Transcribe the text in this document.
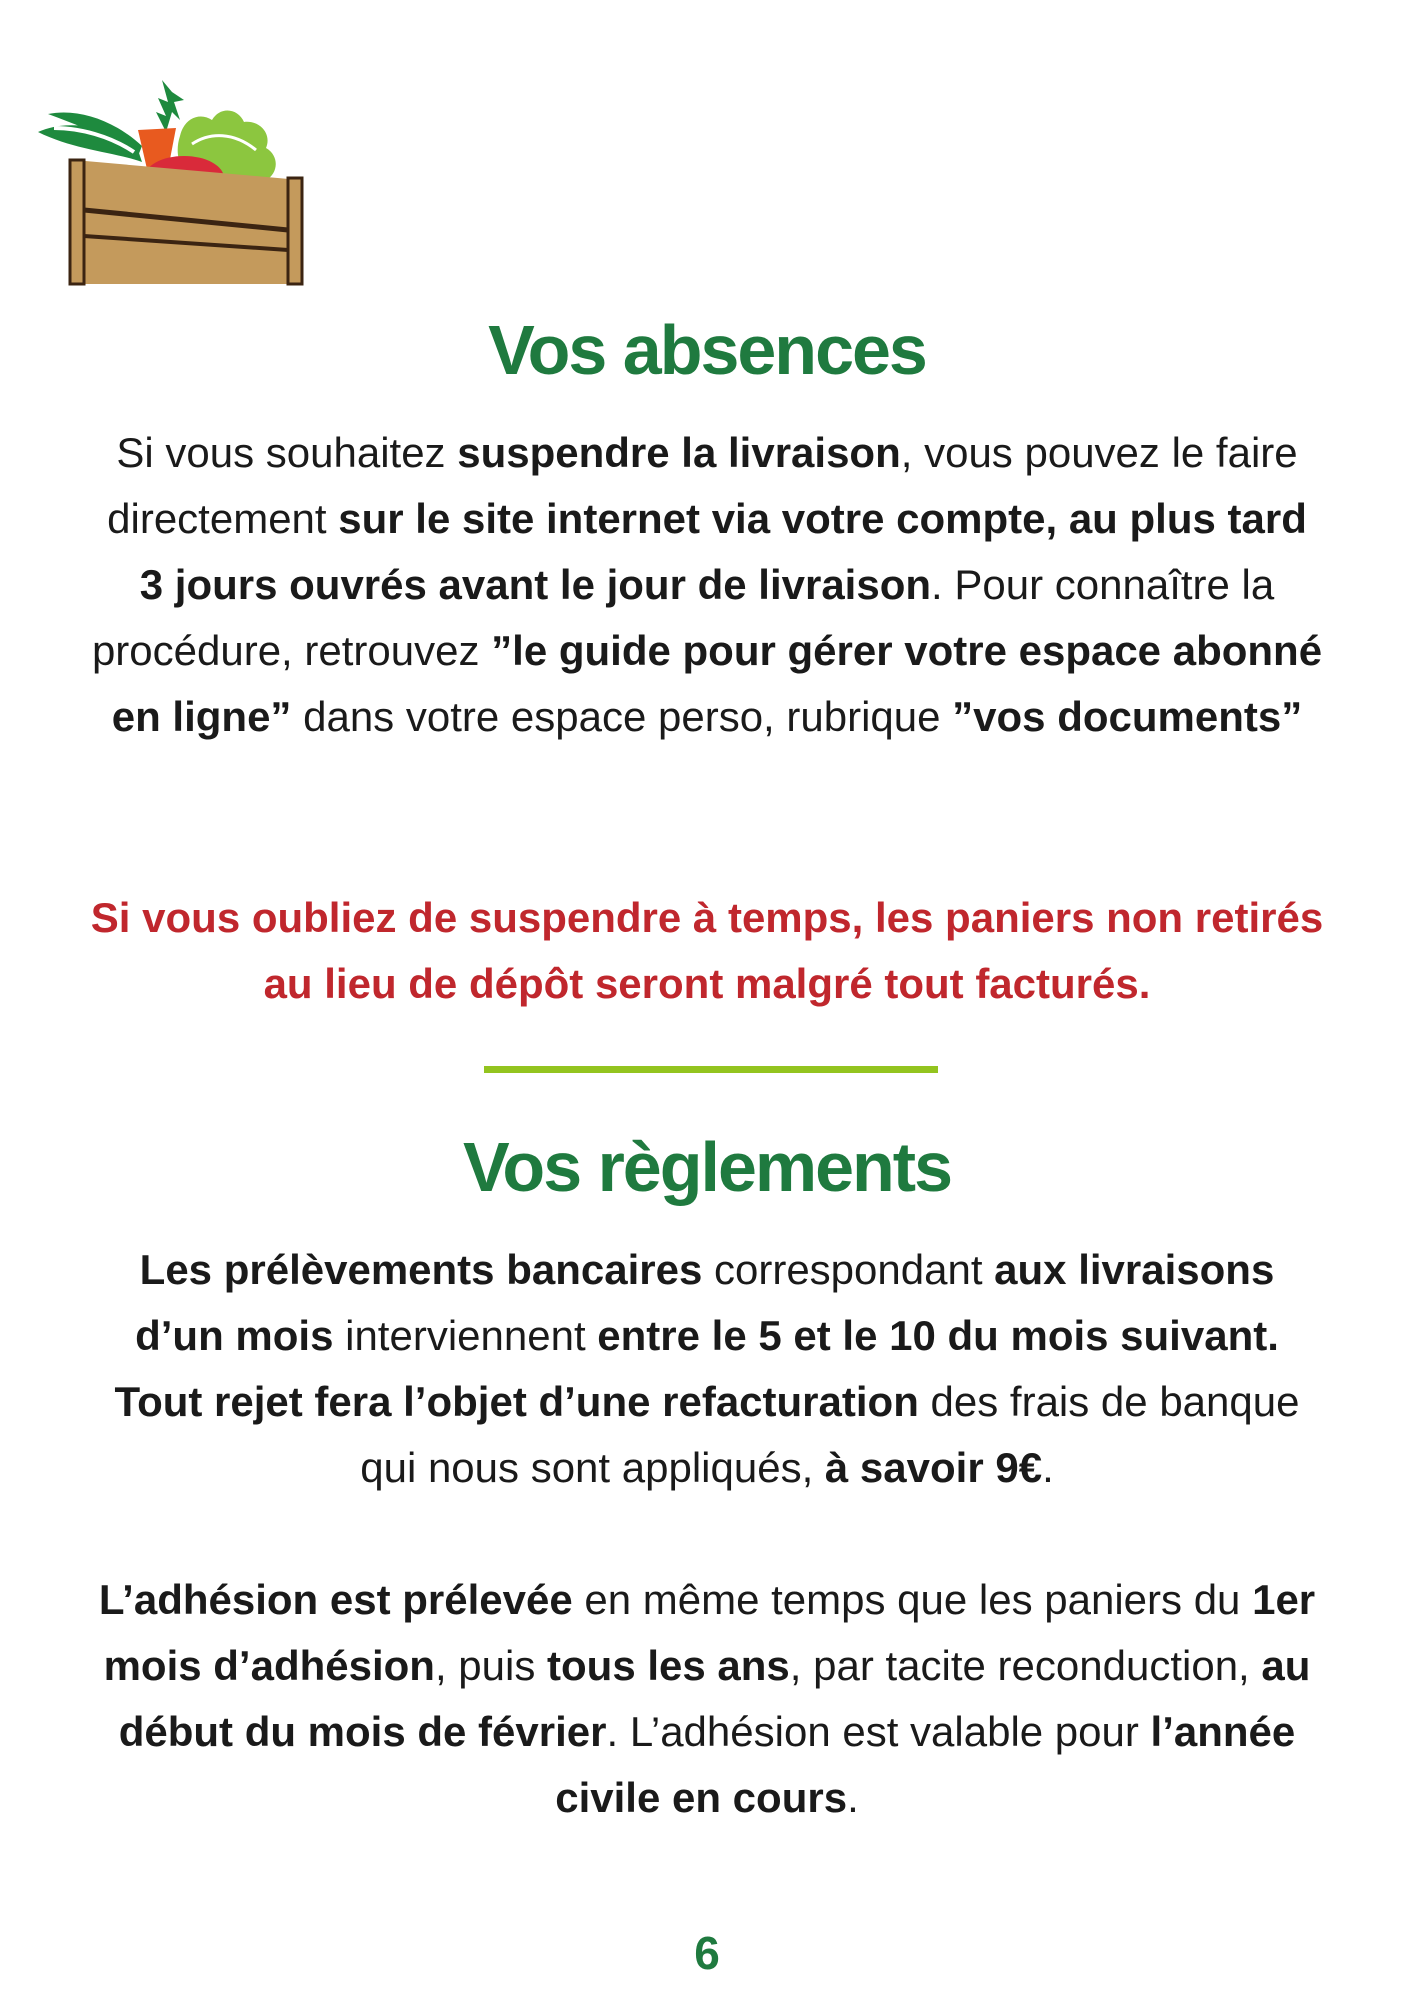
Vos absences
Si vous souhaitez suspendre la livraison, vous pouvez le faire directement sur le site internet via votre compte, au plus tard 3 jours ouvrés avant le jour de livraison. Pour connaître la procédure, retrouvez ”le guide pour gérer votre espace abonné en ligne” dans votre espace perso, rubrique ”vos documents”
Si vous oubliez de suspendre à temps, les paniers non retirés au lieu de dépôt seront malgré tout facturés.
Vos règlements
Les prélèvements bancaires correspondant aux livraisons d’un mois interviennent entre le 5 et le 10 du mois suivant. Tout rejet fera l’objet d’une refacturation des frais de banque qui nous sont appliqués, à savoir 9€.
L’adhésion est prélevée en même temps que les paniers du 1er mois d’adhésion, puis tous les ans, par tacite reconduction, au début du mois de février. L’adhésion est valable pour l’année civile en cours.
6
